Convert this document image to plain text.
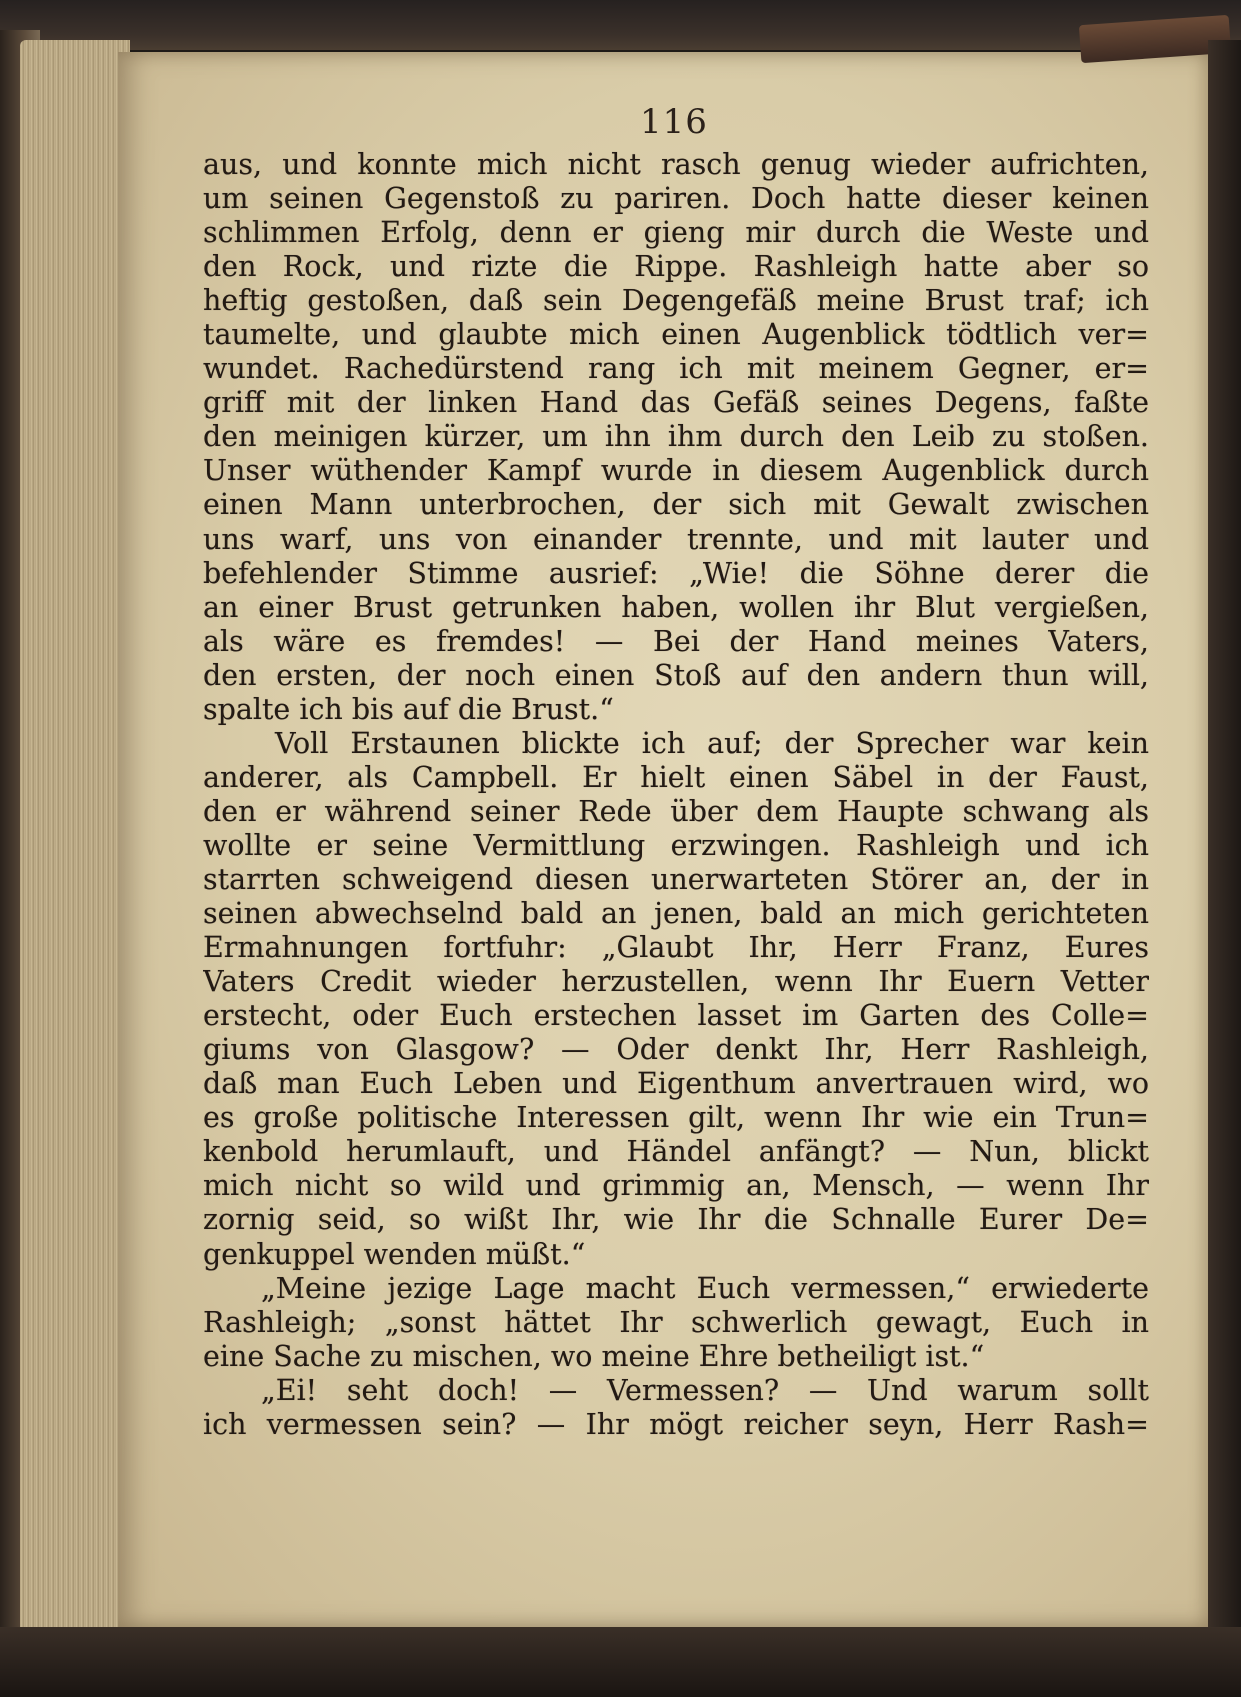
116
aus, und konnte mich nicht rasch genug wieder aufrichten,
um seinen Gegenstoß zu pariren. Doch hatte dieser keinen
schlimmen Erfolg, denn er gieng mir durch die Weste und
den Rock, und rizte die Rippe. Rashleigh hatte aber so
heftig gestoßen, daß sein Degengefäß meine Brust traf; ich
taumelte, und glaubte mich einen Augenblick tödtlich ver=
wundet. Rachedürstend rang ich mit meinem Gegner, er=
griff mit der linken Hand das Gefäß seines Degens, faßte
den meinigen kürzer, um ihn ihm durch den Leib zu stoßen.
Unser wüthender Kampf wurde in diesem Augenblick durch
einen Mann unterbrochen, der sich mit Gewalt zwischen
uns warf, uns von einander trennte, und mit lauter und
befehlender Stimme ausrief: „Wie! die Söhne derer die
an einer Brust getrunken haben, wollen ihr Blut vergießen,
als wäre es fremdes! — Bei der Hand meines Vaters,
den ersten, der noch einen Stoß auf den andern thun will,
spalte ich bis auf die Brust.“
Voll Erstaunen blickte ich auf; der Sprecher war kein
anderer, als Campbell. Er hielt einen Säbel in der Faust,
den er während seiner Rede über dem Haupte schwang als
wollte er seine Vermittlung erzwingen. Rashleigh und ich
starrten schweigend diesen unerwarteten Störer an, der in
seinen abwechselnd bald an jenen, bald an mich gerichteten
Ermahnungen fortfuhr: „Glaubt Ihr, Herr Franz, Eures
Vaters Credit wieder herzustellen, wenn Ihr Euern Vetter
erstecht, oder Euch erstechen lasset im Garten des Colle=
giums von Glasgow? — Oder denkt Ihr, Herr Rashleigh,
daß man Euch Leben und Eigenthum anvertrauen wird, wo
es große politische Interessen gilt, wenn Ihr wie ein Trun=
kenbold herumlauft, und Händel anfängt? — Nun, blickt
mich nicht so wild und grimmig an, Mensch, — wenn Ihr
zornig seid, so wißt Ihr, wie Ihr die Schnalle Eurer De=
genkuppel wenden müßt.“
„Meine jezige Lage macht Euch vermessen,“ erwiederte
Rashleigh; „sonst hättet Ihr schwerlich gewagt, Euch in
eine Sache zu mischen, wo meine Ehre betheiligt ist.“
„Ei! seht doch! — Vermessen? — Und warum sollt
ich vermessen sein? — Ihr mögt reicher seyn, Herr Rash=
